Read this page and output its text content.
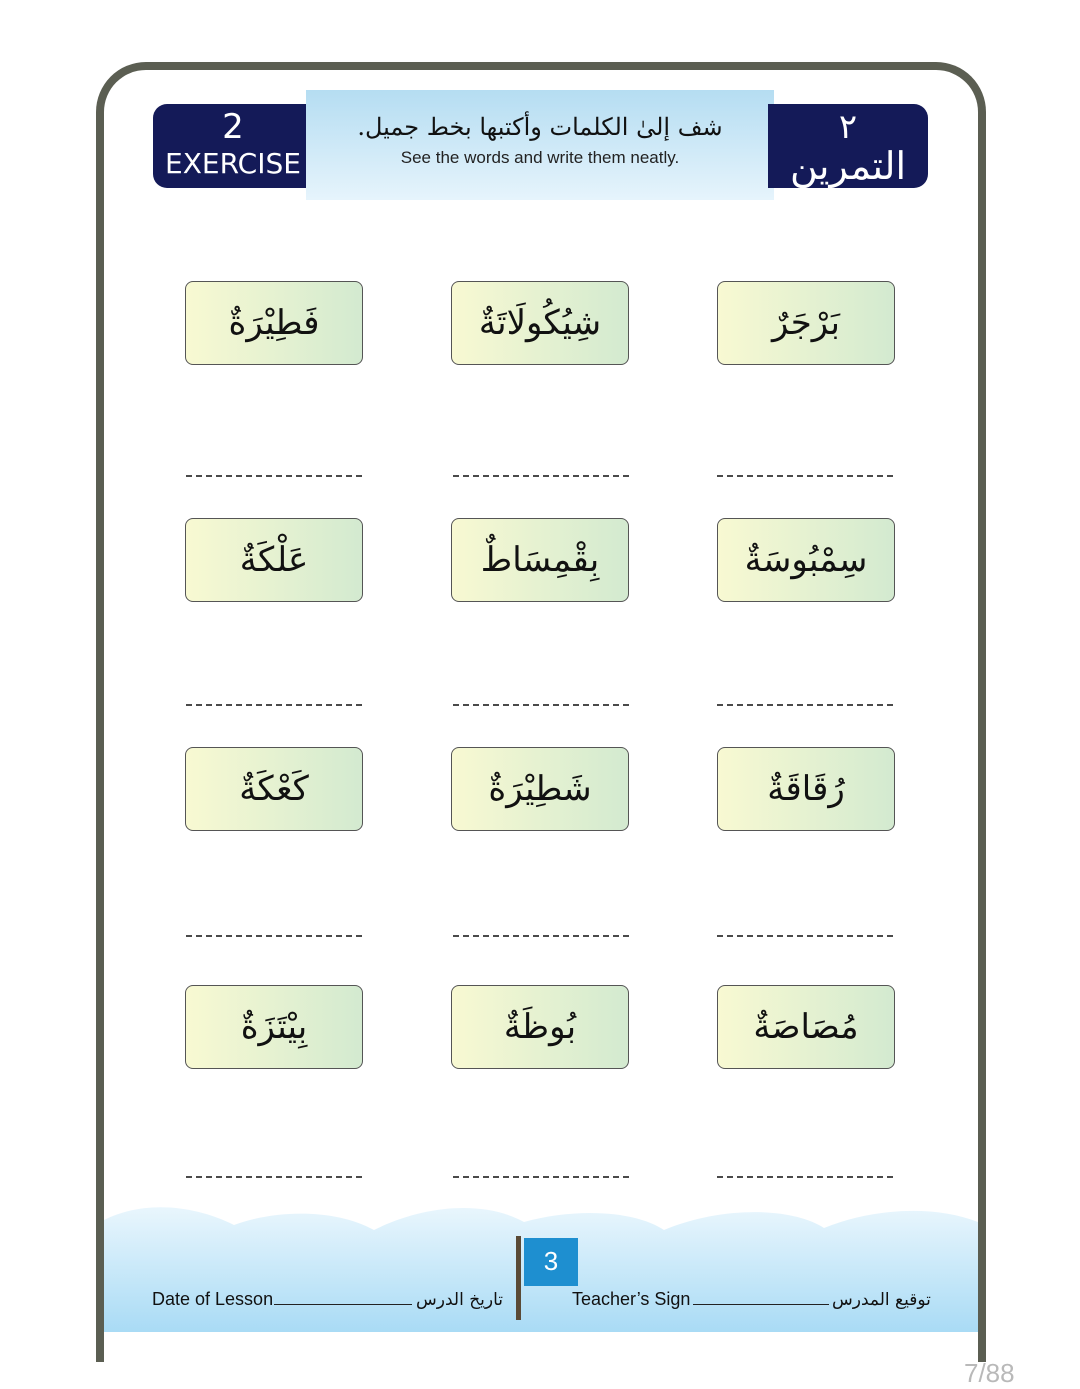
2
EXERCISE
شف إلىٰ الكلمات وأكتبها بخط جميل.
See the words and write them neatly.
٢
التمرين
بَرْجَرٌ
شِيُكُولَاتَةٌ
فَطِيْرَةٌ
سِمْبُوسَةٌ
بِقْمِسَاطٌ
عَلْكَةٌ
رُقَاقَةٌ
شَطِيْرَةٌ
كَعْكَةٌ
مُصَاصَةٌ
بُوظَةٌ
بِيْتَزَةٌ
Date of Lesson	تاريخ الدرس
3
Teacher’s Sign	توقيع المدرس
7/88
